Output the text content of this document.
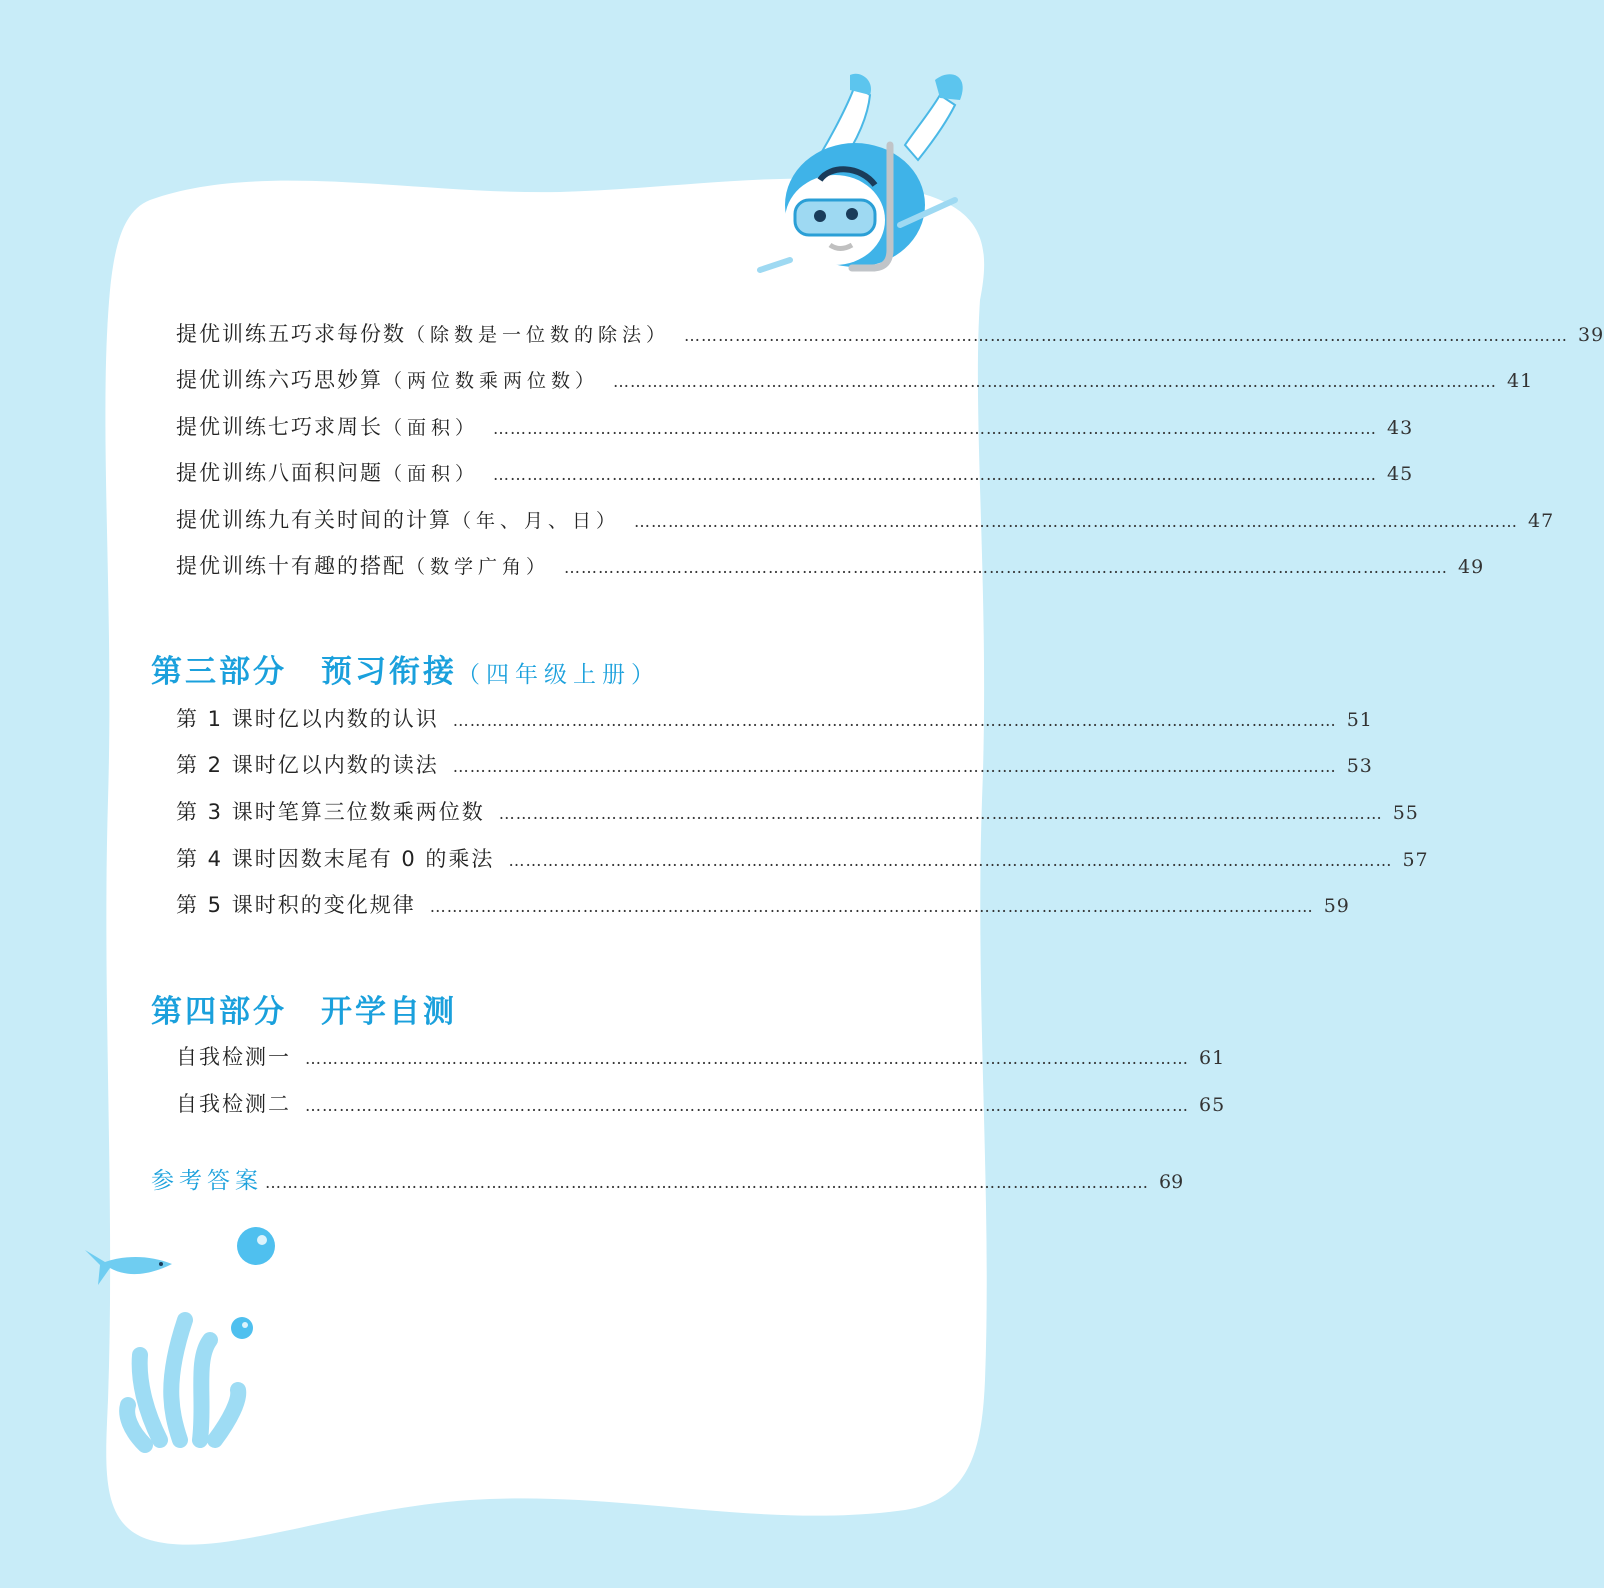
提优训练五 巧求每份数 （除数是一位数的除法） ………………………………………………………………………………………………………………………………………… 39
提优训练六 巧思妙算 （两位数乘两位数） ………………………………………………………………………………………………………………………………………… 41
提优训练七 巧求周长 （面积） ………………………………………………………………………………………………………………………………………… 43
提优训练八 面积问题 （面积） ………………………………………………………………………………………………………………………………………… 45
提优训练九 有关时间的计算 （年、月、日） ………………………………………………………………………………………………………………………………………… 47
提优训练十 有趣的搭配 （数学广角） ………………………………………………………………………………………………………………………………………… 49
第三部分 预习衔接（四年级上册）
第 1 课时 亿以内数的认识 ………………………………………………………………………………………………………………………………………… 51
第 2 课时 亿以内数的读法 ………………………………………………………………………………………………………………………………………… 53
第 3 课时 笔算三位数乘两位数 ………………………………………………………………………………………………………………………………………… 55
第 4 课时 因数末尾有 0 的乘法 ………………………………………………………………………………………………………………………………………… 57
第 5 课时 积的变化规律 ………………………………………………………………………………………………………………………………………… 59
第四部分 开学自测
自我检测一 ………………………………………………………………………………………………………………………………………… 61
自我检测二 ………………………………………………………………………………………………………………………………………… 65
参考答案 ………………………………………………………………………………………………………………………………………… 69
